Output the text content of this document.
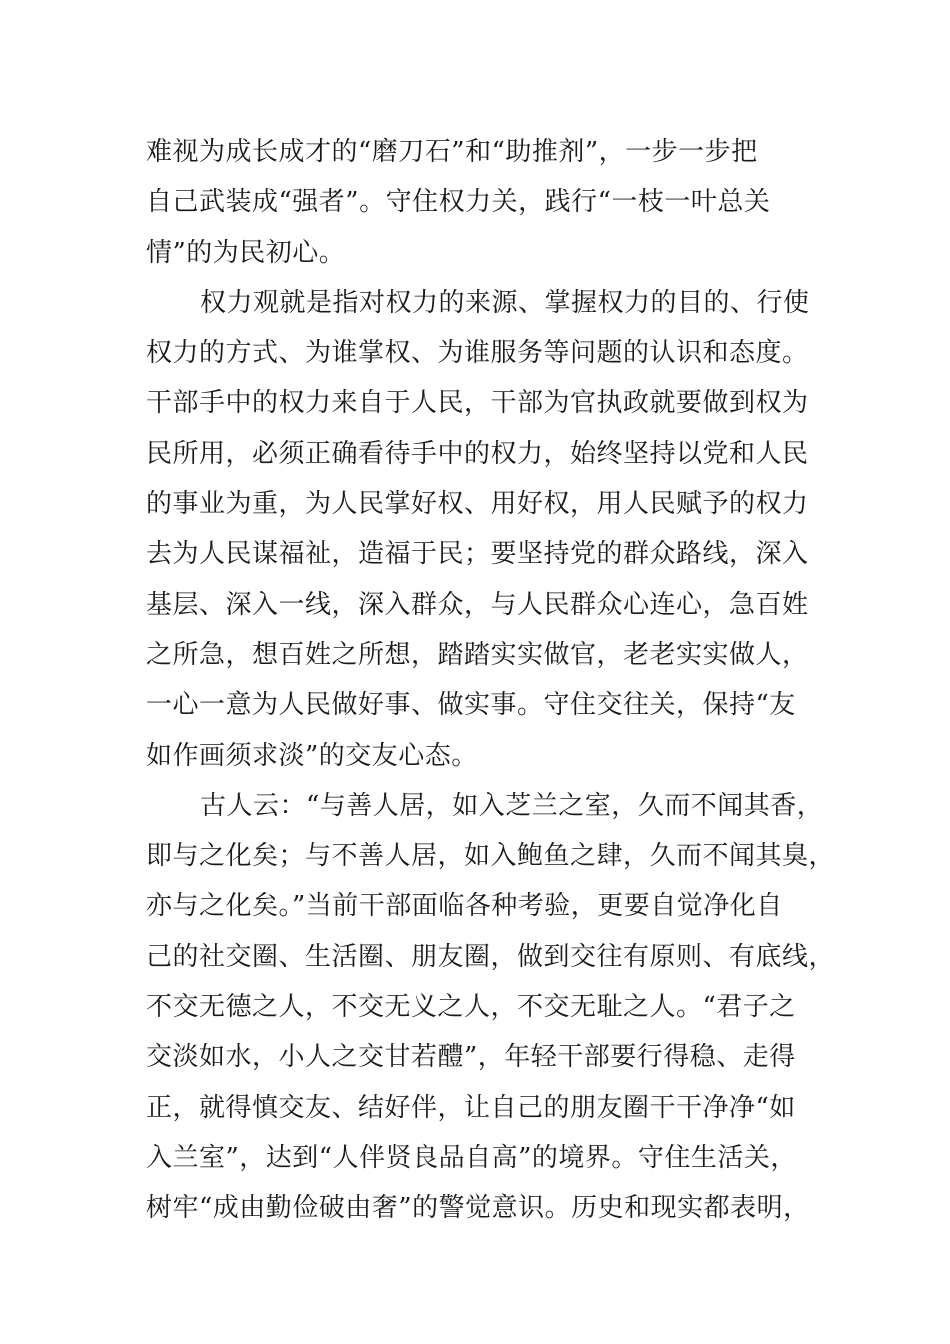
难视为成长成才的“磨刀石”和“助推剂”，一步一步把
自己武装成“强者”。守住权力关，践行“一枝一叶总关
情”的为民初心。
权力观就是指对权力的来源、掌握权力的目的、行使
权力的方式、为谁掌权、为谁服务等问题的认识和态度。
干部手中的权力来自于人民，干部为官执政就要做到权为
民所用，必须正确看待手中的权力，始终坚持以党和人民
的事业为重，为人民掌好权、用好权，用人民赋予的权力
去为人民谋福祉，造福于民；要坚持党的群众路线，深入
基层、深入一线，深入群众，与人民群众心连心，急百姓
之所急，想百姓之所想，踏踏实实做官，老老实实做人，
一心一意为人民做好事、做实事。守住交往关，保持“友
如作画须求淡”的交友心态。
古人云：“与善人居，如入芝兰之室，久而不闻其香，
即与之化矣；与不善人居，如入鲍鱼之肆，久而不闻其臭，
亦与之化矣。”当前干部面临各种考验，更要自觉净化自
己的社交圈、生活圈、朋友圈，做到交往有原则、有底线，
不交无德之人，不交无义之人，不交无耻之人。“君子之
交淡如水，小人之交甘若醴”，年轻干部要行得稳、走得
正，就得慎交友、结好伴，让自己的朋友圈干干净净“如
入兰室”，达到“人伴贤良品自高”的境界。守住生活关，
树牢“成由勤俭破由奢”的警觉意识。历史和现实都表明，
